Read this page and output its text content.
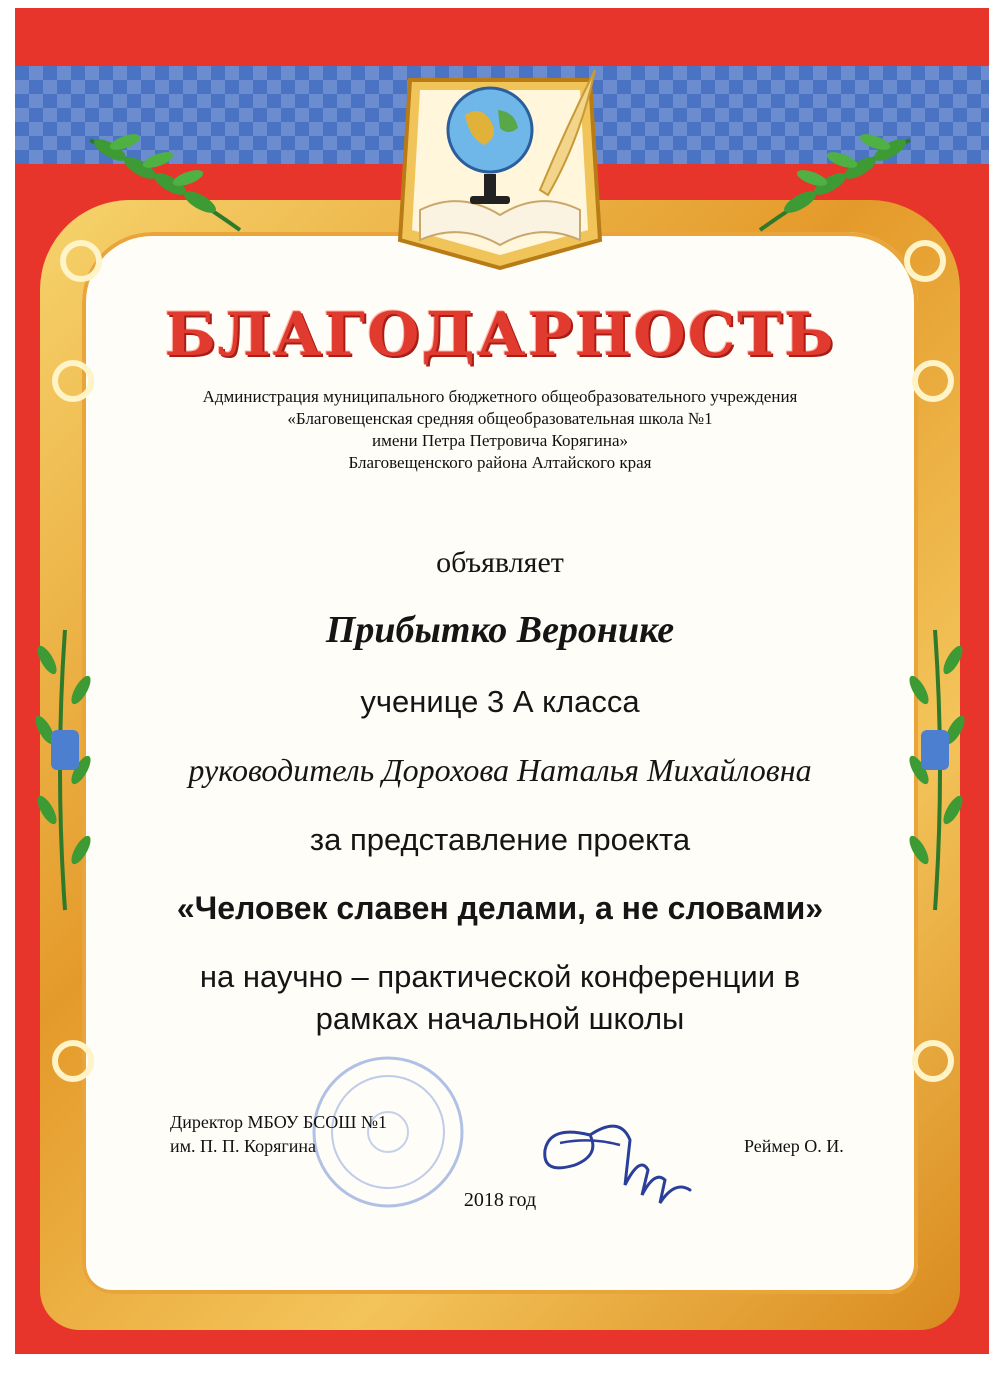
БЛАГОДАРНОСТЬ
Администрация муниципального бюджетного общеобразовательного учреждения
«Благовещенская средняя общеобразовательная школа №1
имени Петра Петровича Корягина»
Благовещенского района Алтайского края
объявляет
Прибытко Веронике
ученице 3 А класса
руководитель Дорохова Наталья Михайловна
за представление проекта
«Человек славен делами, а не словами»
на научно – практической конференции в
рамках начальной школы
Директор МБОУ БСОШ №1
им. П. П. Корягина	Реймер О. И.
2018 год
